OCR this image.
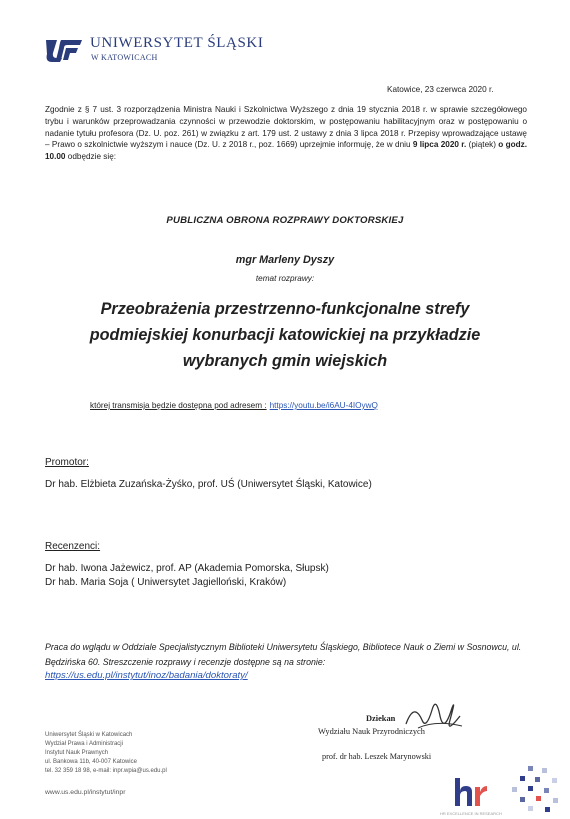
UNIWERSYTET ŚLĄSKI
W KATOWICACH
Katowice, 23 czerwca 2020 r.
Zgodnie z § 7 ust. 3 rozporządzenia Ministra Nauki i Szkolnictwa Wyższego z dnia 19 stycznia 2018 r. w sprawie szczegółowego trybu i warunków przeprowadzania czynności w przewodzie doktorskim, w postępowaniu habilitacyjnym oraz w postępowaniu o nadanie tytułu profesora (Dz. U. poz. 261) w związku z art. 179 ust. 2 ustawy z dnia 3 lipca 2018 r. Przepisy wprowadzające ustawę – Prawo o szkolnictwie wyższym i nauce (Dz. U. z 2018 r., poz. 1669) uprzejmie informuję, że w dniu 9 lipca 2020 r. (piątek) o godz. 10.00 odbędzie się:
PUBLICZNA OBRONA ROZPRAWY DOKTORSKIEJ
mgr Marleny Dyszy
temat rozprawy:
Przeobrażenia przestrzenno-funkcjonalne strefy
podmiejskiej konurbacji katowickiej na przykładzie
wybranych gmin wiejskich
której transmisja będzie dostępna pod adresem : https://youtu.be/i6AU-4IOywQ
Promotor:
Dr hab. Elżbieta Zuzańska-Żyśko, prof. UŚ (Uniwersytet Śląski, Katowice)
Recenzenci:
Dr hab. Iwona Jażewicz, prof. AP (Akademia Pomorska, Słupsk)
Dr hab. Maria Soja ( Uniwersytet Jagielloński, Kraków)
Praca do wglądu w Oddziale Specjalistycznym Biblioteki Uniwersytetu Śląskiego, Bibliotece Nauk o Ziemi w Sosnowcu, ul. Będzińska 60. Streszczenie rozprawy i recenzje dostępne są na stronie:
https://us.edu.pl/instytut/inoz/badania/doktoraty/
Uniwersytet Śląski w Katowicach
Wydział Prawa i Administracji
Instytut Nauk Prawnych
ul. Bankowa 11b, 40-007 Katowice
tel. 32 359 18 98, e-mail: inpr.wpia@us.edu.pl
www.us.edu.pl/instytut/inpr
Dziekan
Wydziału Nauk Przyrodniczych
prof. dr hab. Leszek Marynowski
HR EXCELLENCE IN RESEARCH
